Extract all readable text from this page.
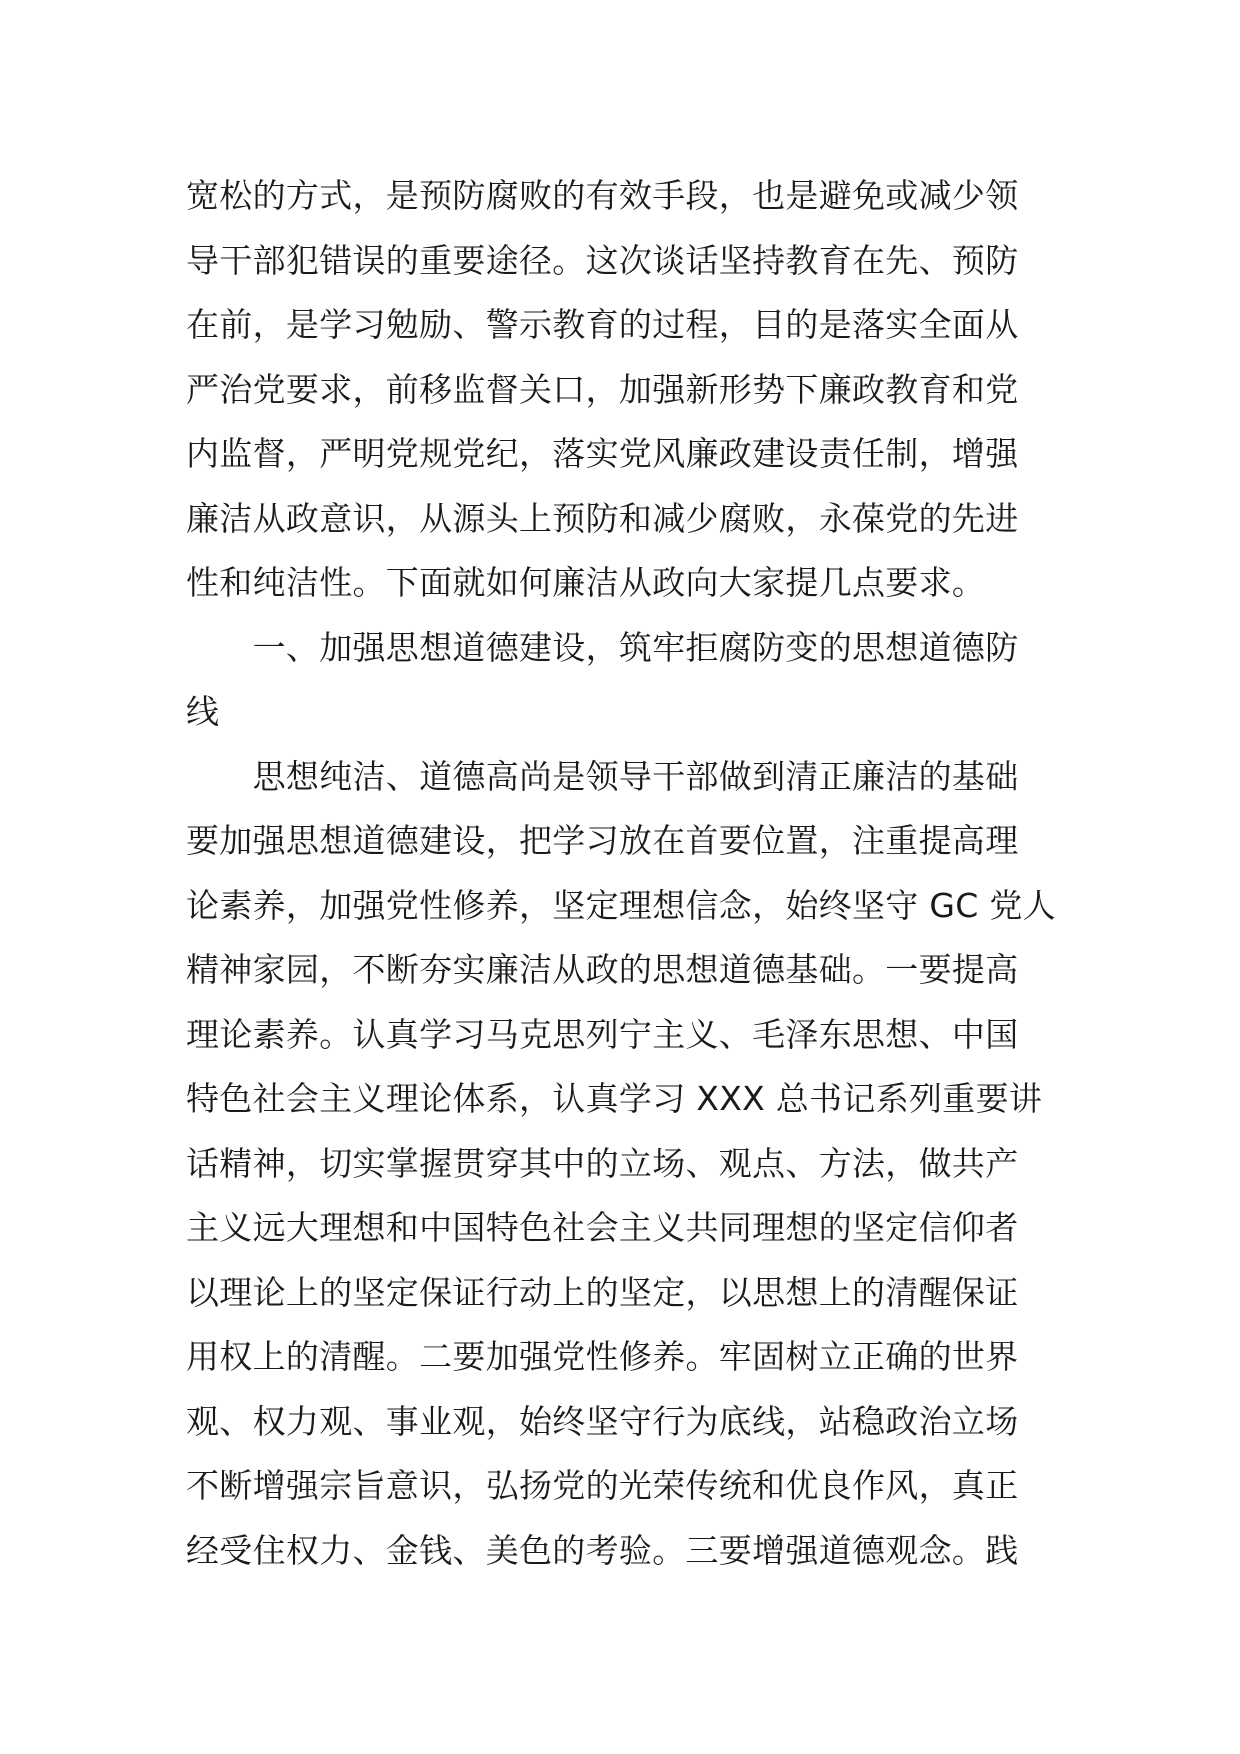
宽松的方式，是预防腐败的有效手段，也是避免或减少领
导干部犯错误的重要途径。这次谈话坚持教育在先、预防
在前，是学习勉励、警示教育的过程，目的是落实全面从
严治党要求，前移监督关口，加强新形势下廉政教育和党
内监督，严明党规党纪，落实党风廉政建设责任制，增强
廉洁从政意识，从源头上预防和减少腐败，永葆党的先进
性和纯洁性。下面就如何廉洁从政向大家提几点要求。
　　一、加强思想道德建设，筑牢拒腐防变的思想道德防
线
　　思想纯洁、道德高尚是领导干部做到清正廉洁的基础
要加强思想道德建设，把学习放在首要位置，注重提高理
论素养，加强党性修养，坚定理想信念，始终坚守 GC 党人
精神家园，不断夯实廉洁从政的思想道德基础。一要提高
理论素养。认真学习马克思列宁主义、毛泽东思想、中国
特色社会主义理论体系，认真学习 XXX 总书记系列重要讲
话精神，切实掌握贯穿其中的立场、观点、方法，做共产
主义远大理想和中国特色社会主义共同理想的坚定信仰者
以理论上的坚定保证行动上的坚定，以思想上的清醒保证
用权上的清醒。二要加强党性修养。牢固树立正确的世界
观、权力观、事业观，始终坚守行为底线，站稳政治立场
不断增强宗旨意识，弘扬党的光荣传统和优良作风，真正
经受住权力、金钱、美色的考验。三要增强道德观念。践
